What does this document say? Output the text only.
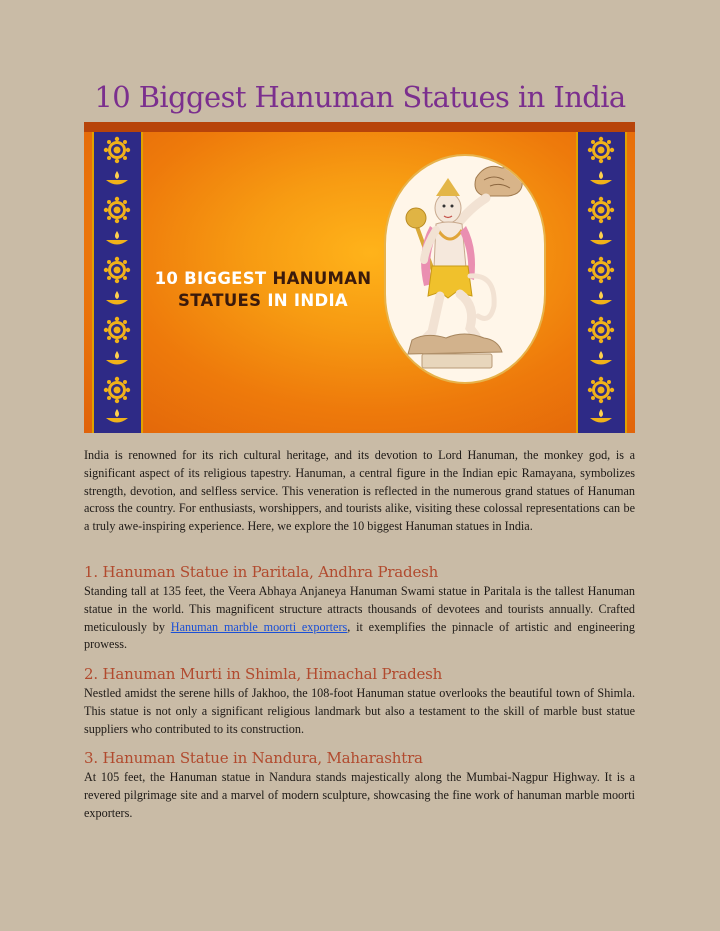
10 Biggest Hanuman Statues in India
10 BIGGEST HANUMAN
STATUES IN INDIA

India is renowned for its rich cultural heritage, and its devotion to Lord Hanuman, the monkey god, is a significant aspect of its religious tapestry. Hanuman, a central figure in the Indian epic Ramayana, symbolizes strength, devotion, and selfless service. This veneration is reflected in the numerous grand statues of Hanuman across the country. For enthusiasts, worshippers, and tourists alike, visiting these colossal representations can be a truly awe-inspiring experience. Here, we explore the 10 biggest Hanuman statues in India.

1. Hanuman Statue in Paritala, Andhra Pradesh

Standing tall at 135 feet, the Veera Abhaya Anjaneya Hanuman Swami statue in Paritala is the tallest Hanuman statue in the world. This magnificent structure attracts thousands of devotees and tourists annually. Crafted meticulously by Hanuman marble moorti exporters, it exemplifies the pinnacle of artistic and engineering prowess.

2. Hanuman Murti in Shimla, Himachal Pradesh

Nestled amidst the serene hills of Jakhoo, the 108-foot Hanuman statue overlooks the beautiful town of Shimla. This statue is not only a significant religious landmark but also a testament to the skill of marble bust statue suppliers who contributed to its construction.

3. Hanuman Statue in Nandura, Maharashtra

At 105 feet, the Hanuman statue in Nandura stands majestically along the Mumbai-Nagpur Highway. It is a revered pilgrimage site and a marvel of modern sculpture, showcasing the fine work of hanuman marble moorti exporters.
